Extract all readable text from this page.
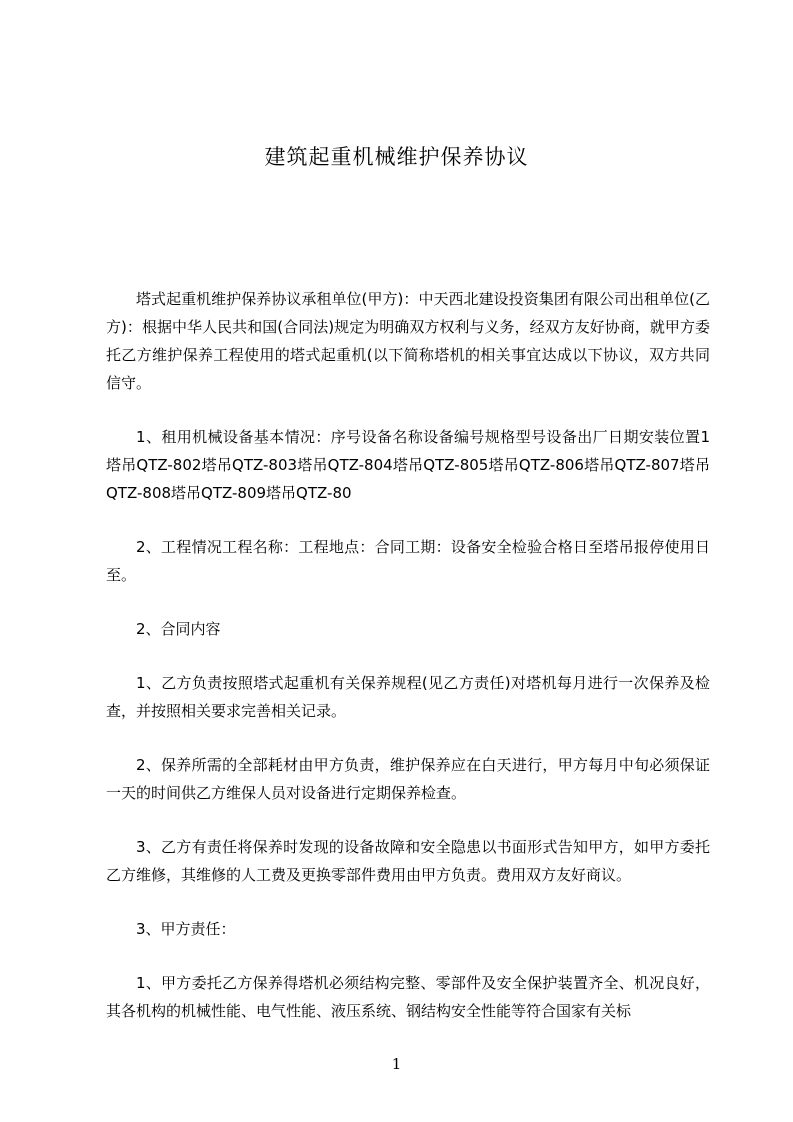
建筑起重机械维护保养协议

塔式起重机维护保养协议承租单位(甲方)：中天西北建设投资集团有限公司出租单位(乙方)：根据中华人民共和国(合同法)规定为明确双方权利与义务，经双方友好协商，就甲方委托乙方维护保养工程使用的塔式起重机(以下简称塔机的相关事宜达成以下协议，双方共同信守。

1、租用机械设备基本情况：序号设备名称设备编号规格型号设备出厂日期安装位置1塔吊QTZ-802塔吊QTZ-803塔吊QTZ-804塔吊QTZ-805塔吊QTZ-806塔吊QTZ-807塔吊QTZ-808塔吊QTZ-809塔吊QTZ-80

2、工程情况工程名称：工程地点：合同工期：设备安全检验合格日至塔吊报停使用日至。

2、合同内容

1、乙方负责按照塔式起重机有关保养规程(见乙方责任)对塔机每月进行一次保养及检查，并按照相关要求完善相关记录。

2、保养所需的全部耗材由甲方负责，维护保养应在白天进行，甲方每月中旬必须保证一天的时间供乙方维保人员对设备进行定期保养检查。

3、乙方有责任将保养时发现的设备故障和安全隐患以书面形式告知甲方，如甲方委托乙方维修，其维修的人工费及更换零部件费用由甲方负责。费用双方友好商议。

3、甲方责任：

1、甲方委托乙方保养得塔机必须结构完整、零部件及安全保护装置齐全、机况良好，其各机构的机械性能、电气性能、液压系统、钢结构安全性能等符合国家有关标

1
